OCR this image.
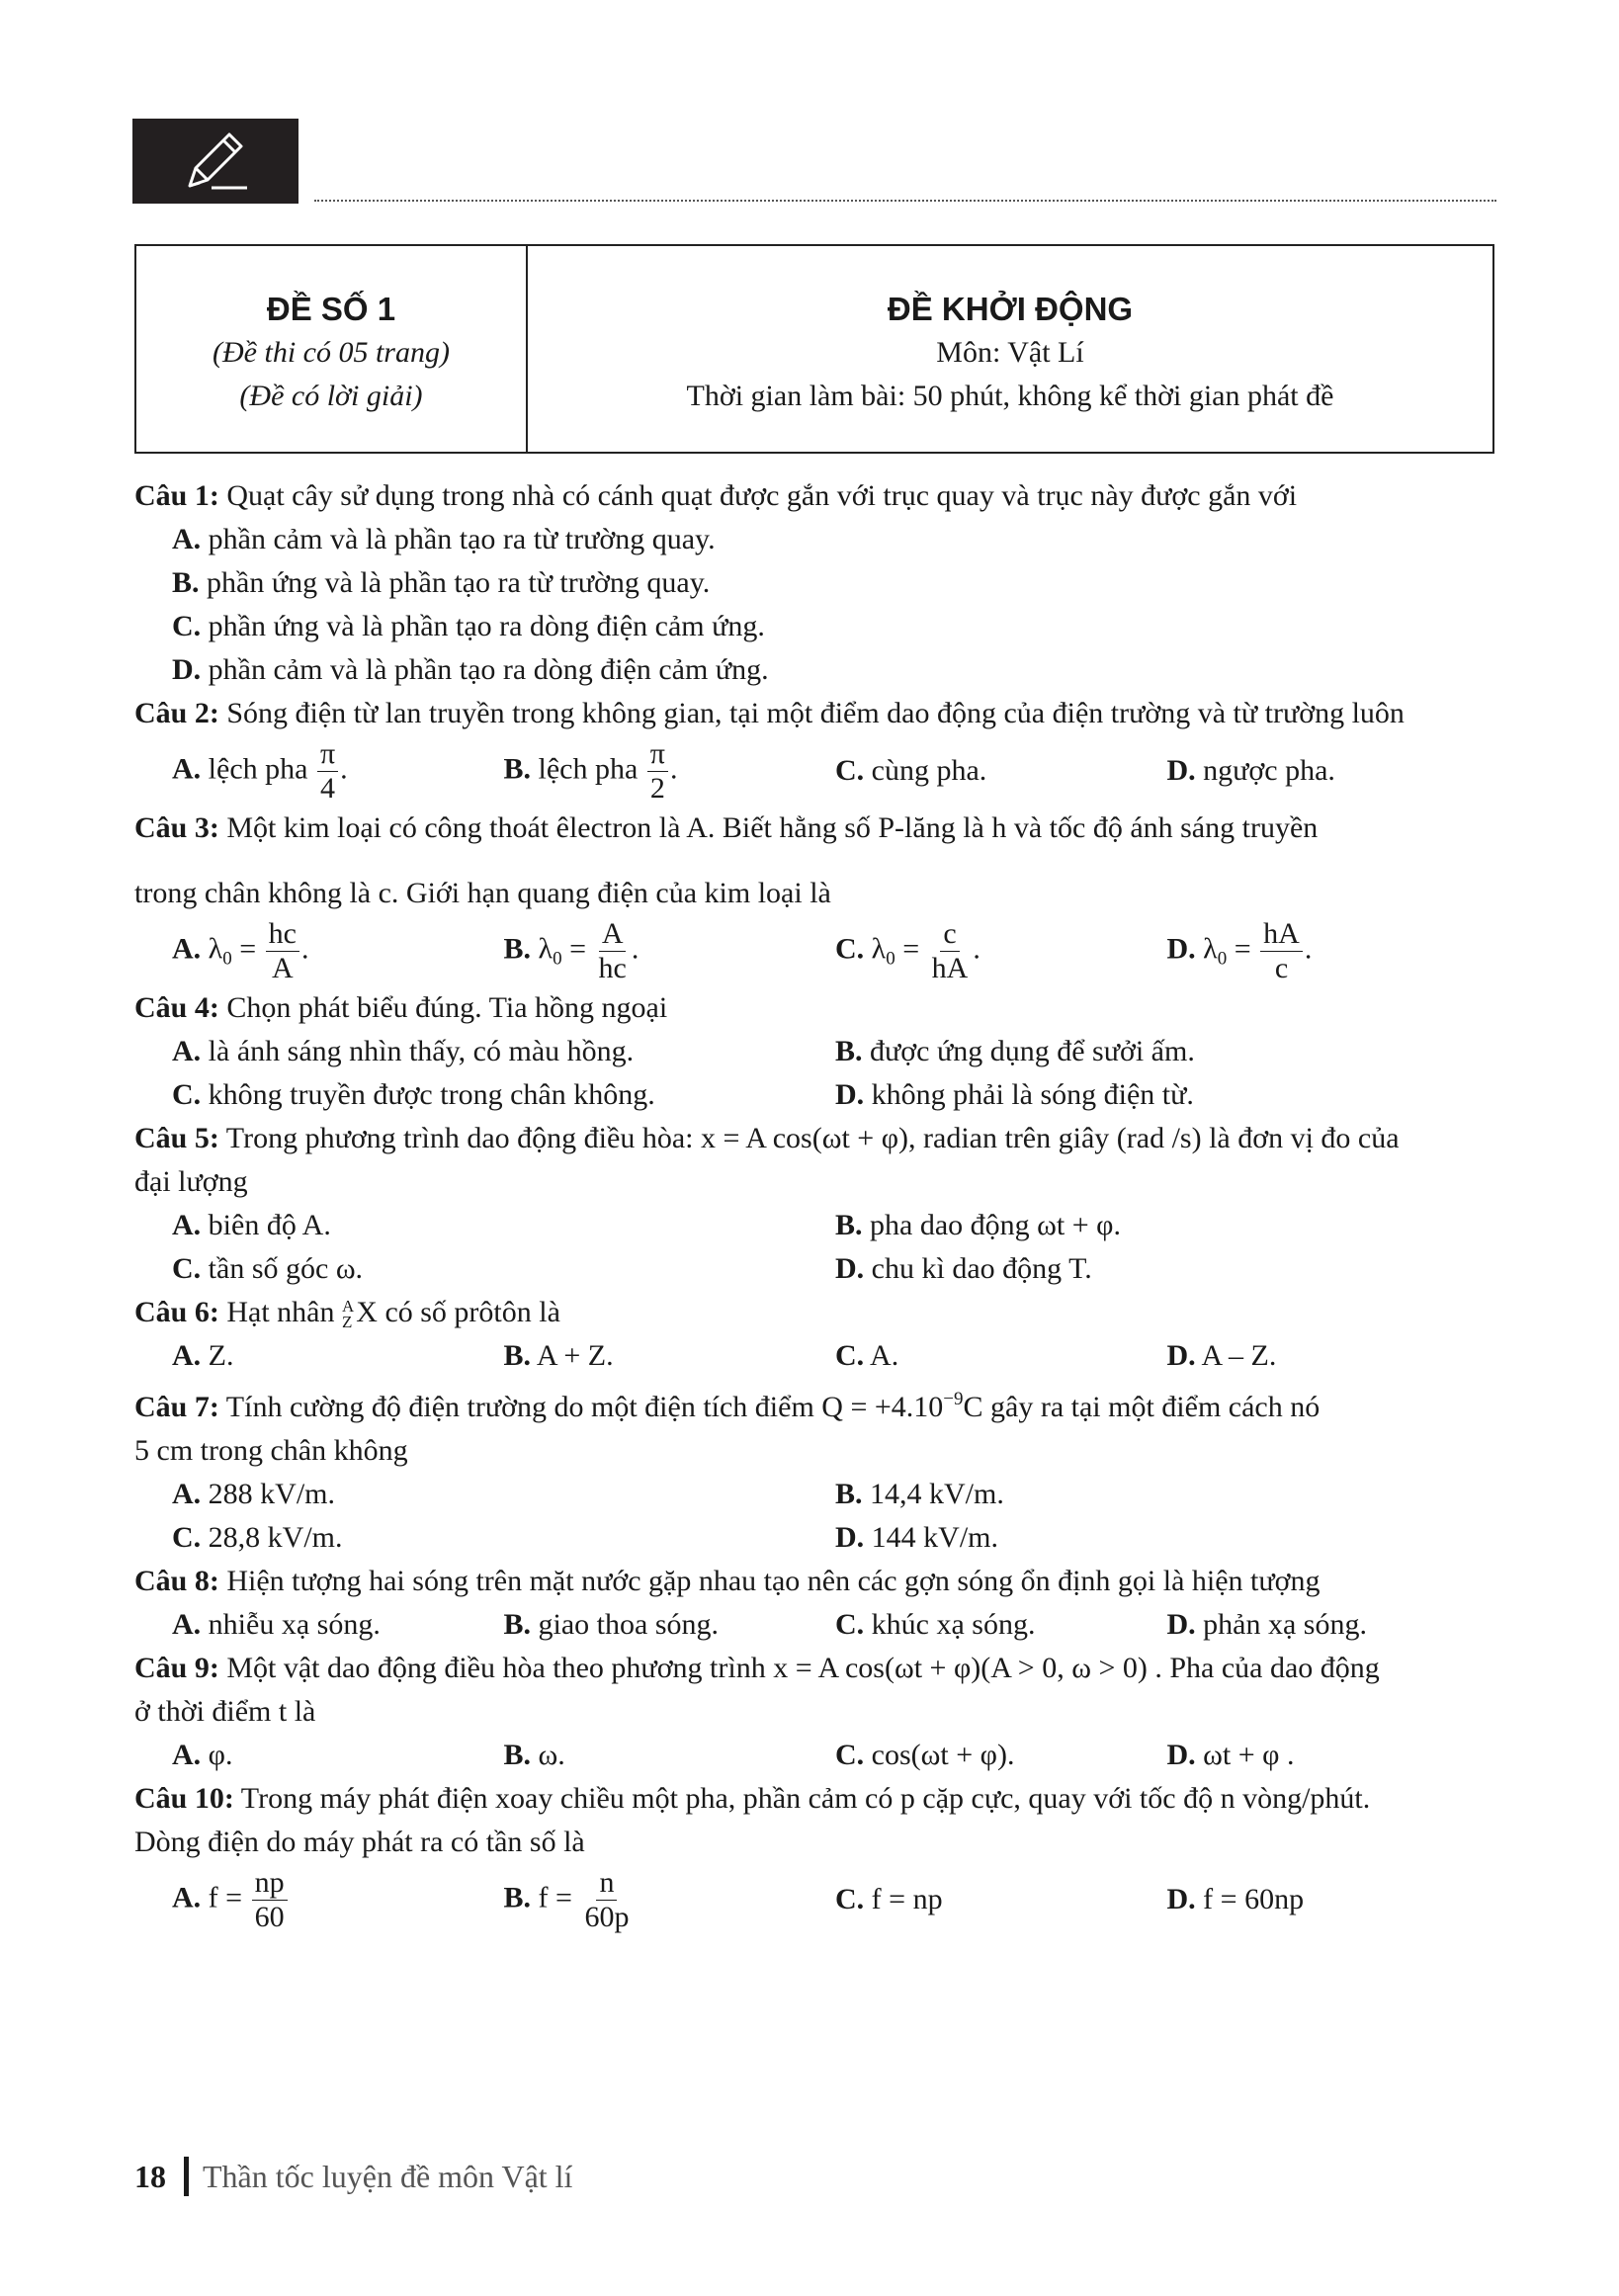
ĐỀ SỐ 1
(Đề thi có 05 trang)
(Đề có lời giải)
ĐỀ KHỞI ĐỘNG
Môn: Vật Lí
Thời gian làm bài: 50 phút, không kể thời gian phát đề

Câu 1: Quạt cây sử dụng trong nhà có cánh quạt được gắn với trục quay và trục này được gắn với

A. phần cảm và là phần tạo ra từ trường quay.
B. phần ứng và là phần tạo ra từ trường quay.
C. phần ứng và là phần tạo ra dòng điện cảm ứng.
D. phần cảm và là phần tạo ra dòng điện cảm ứng.

Câu 2: Sóng điện từ lan truyền trong không gian, tại một điểm dao động của điện trường và từ trường luôn

A. lệch pha $\frac{\pi}{4}$ .	B. lệch pha $\frac{\pi}{2}$ .	C. cùng pha.	D. ngược pha.

Câu 3: Một kim loại có công thoát êlectron là A. Biết hằng số P-lăng là h và tốc độ ánh sáng truyền

trong chân không là c. Giới hạn quang điện của kim loại là

A. $\lambda_0 = \frac{hc}{A}$ .	B. $\lambda_0 = \frac{A}{hc}$ .	C. $\lambda_0 = \frac{c}{hA}$ .	D. $\lambda_0 = \frac{hA}{c}$ .

Câu 4: Chọn phát biểu đúng. Tia hồng ngoại

A. là ánh sáng nhìn thấy, có màu hồng.	B. được ứng dụng để sưởi ấm.
C. không truyền được trong chân không.	D. không phải là sóng điện từ.

Câu 5: Trong phương trình dao động điều hòa: x = A cos(ωt + φ), radian trên giây (rad /s) là đơn vị đo của

đại lượng

A. biên độ A.	B. pha dao động ωt + φ.
C. tần số góc ω.	D. chu kì dao động T.

Câu 6: Hạt nhân A
Z X có số prôtôn là

A. Z.	B. A + Z.	C. A.	D. A – Z.

Câu 7: Tính cường độ điện trường do một điện tích điểm $Q = +4.10^{-9}C$ gây ra tại một điểm cách nó

5 cm trong chân không

A. 288 kV/m.	B. 14,4 kV/m.
C. 28,8 kV/m.	D. 144 kV/m.

Câu 8: Hiện tượng hai sóng trên mặt nước gặp nhau tạo nên các gợn sóng ổn định gọi là hiện tượng

A. nhiễu xạ sóng.	B. giao thoa sóng.	C. khúc xạ sóng.	D. phản xạ sóng.

Câu 9: Một vật dao động điều hòa theo phương trình x = A cos(ωt + φ)(A > 0, ω > 0) . Pha của dao động

ở thời điểm t là

A. φ.	B. ω.	C. cos(ωt + φ).	D. ωt + φ .

Câu 10: Trong máy phát điện xoay chiều một pha, phần cảm có p cặp cực, quay với tốc độ n vòng/phút.

Dòng điện do máy phát ra có tần số là

A. $f = \frac{np}{60}$	B. $f = \frac{n}{60p}$	C. f = np	D. f = 60np
18 Thần tốc luyện đề môn Vật lí
